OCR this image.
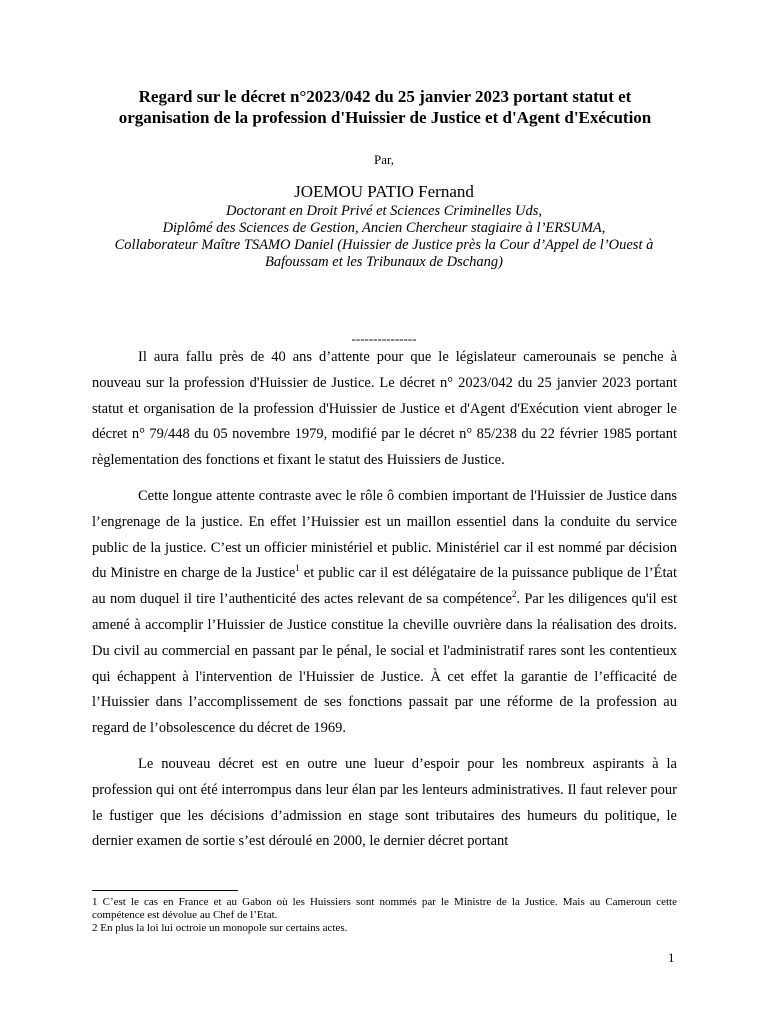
Regard sur le décret n°2023/042 du 25 janvier 2023 portant statut et
organisation de la profession d'Huissier de Justice et d'Agent d'Exécution
Par,
JOEMOU PATIO Fernand
Doctorant en Droit Privé et Sciences Criminelles Uds,
Diplômé des Sciences de Gestion, Ancien Chercheur stagiaire à l’ERSUMA,
Collaborateur Maître TSAMO Daniel (Huissier de Justice près la Cour d’Appel de l’Ouest à
Bafoussam et les Tribunaux de Dschang)
---------------

Il aura fallu près de 40 ans d’attente pour que le législateur camerounais se penche à nouveau sur la profession d'Huissier de Justice. Le décret n° 2023/042 du 25 janvier 2023 portant statut et organisation de la profession d'Huissier de Justice et d'Agent d'Exécution vient abroger le décret n° 79/448 du 05 novembre 1979, modifié par le décret n° 85/238 du 22 février 1985 portant règlementation des fonctions et fixant le statut des Huissiers de Justice.

Cette longue attente contraste avec le rôle ô combien important de l'Huissier de Justice dans l’engrenage de la justice. En effet l’Huissier est un maillon essentiel dans la conduite du service public de la justice. C’est un officier ministériel et public. Ministériel car il est nommé par décision du Ministre en charge de la Justice$^1$ et public car il est délégataire de la puissance publique de l’État au nom duquel il tire l’authenticité des actes relevant de sa compétence$^2$. Par les diligences qu'il est amené à accomplir l’Huissier de Justice constitue la cheville ouvrière dans la réalisation des droits. Du civil au commercial en passant par le pénal, le social et l'administratif rares sont les contentieux qui échappent à l'intervention de l'Huissier de Justice. À cet effet la garantie de l’efficacité de l’Huissier dans l’accomplissement de ses fonctions passait par une réforme de la profession au regard de l’obsolescence du décret de 1969.

Le nouveau décret est en outre une lueur d’espoir pour les nombreux aspirants à la profession qui ont été interrompus dans leur élan par les lenteurs administratives. Il faut relever pour le fustiger que les décisions d’admission en stage sont tributaires des humeurs du politique, le dernier examen de sortie s’est déroulé en 2000, le dernier décret portant

1 C’est le cas en France et au Gabon où les Huissiers sont nommés par le Ministre de la Justice. Mais au Cameroun cette compétence est dévolue au Chef de l’Etat.
2 En plus la loi lui octroie un monopole sur certains actes.
1
